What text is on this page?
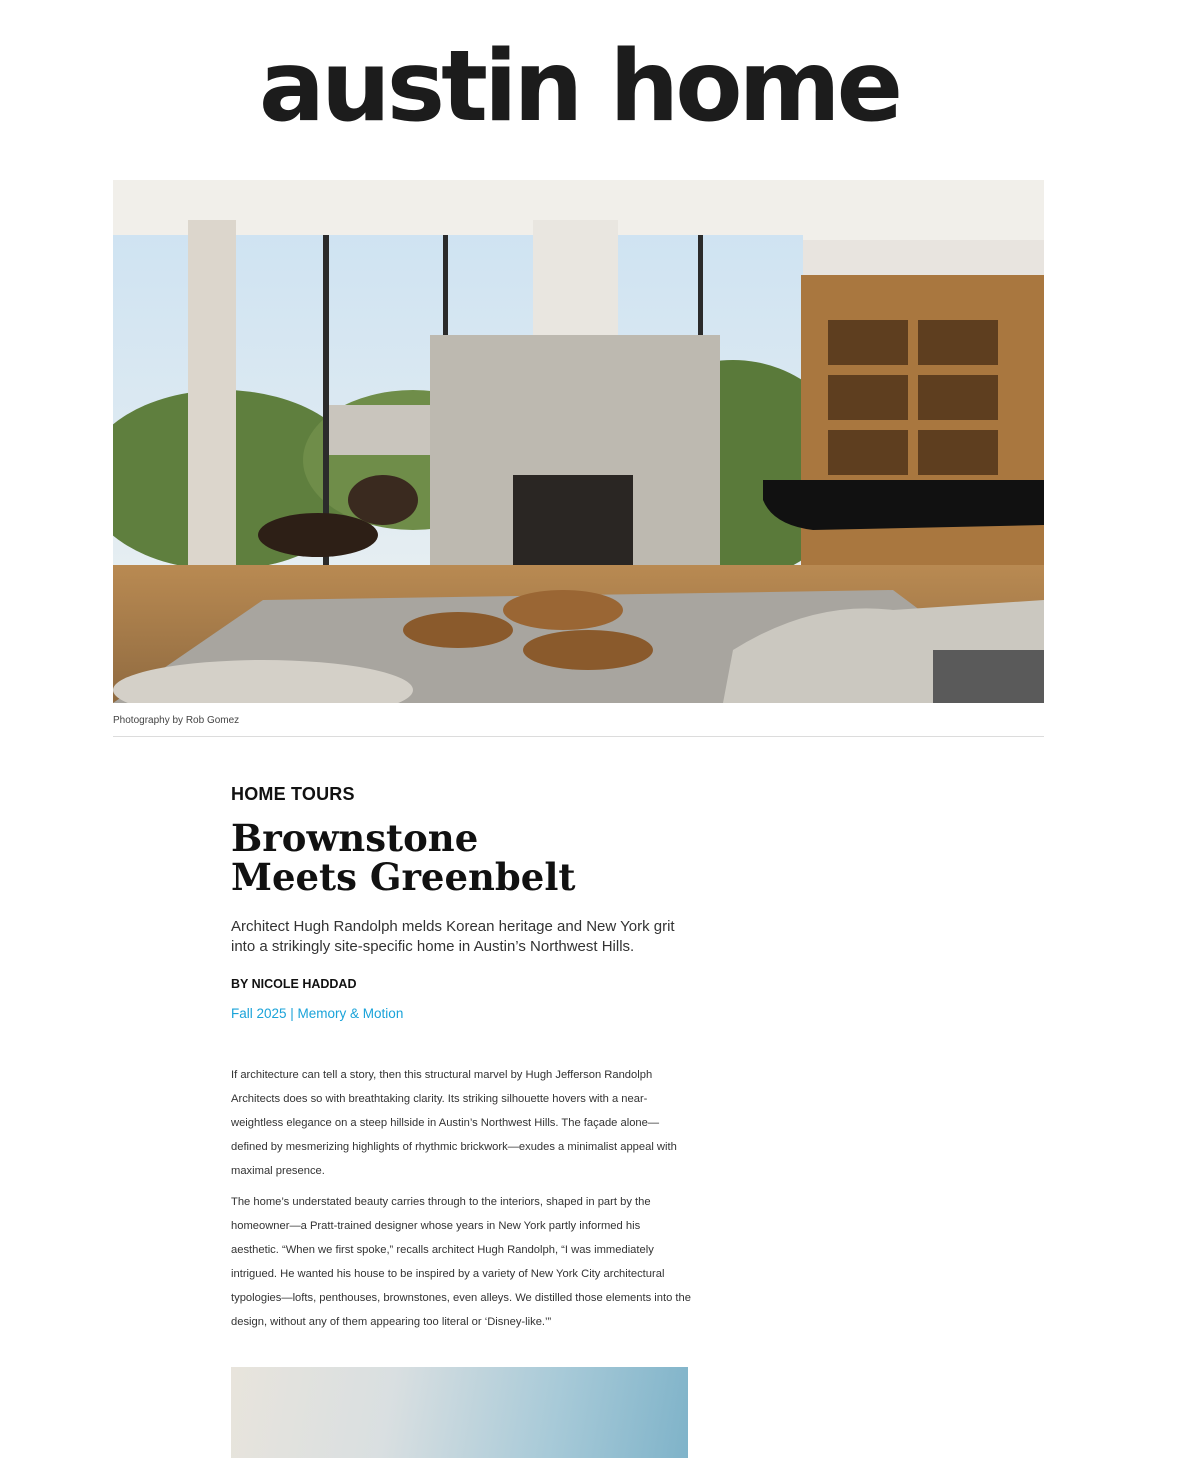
austin home
Photography by Rob Gomez
HOME TOURS
Brownstone Meets Greenbelt

Architect Hugh Randolph melds Korean heritage and New York grit into a strikingly site-specific home in Austin’s Northwest Hills.

BY NICOLE HADDAD
Fall 2025 | Memory & Motion

If architecture can tell a story, then this structural marvel by Hugh Jefferson Randolph Architects does so with breathtaking clarity. Its striking silhouette hovers with a near-weightless elegance on a steep hillside in Austin’s Northwest Hills. The façade alone—defined by mesmerizing highlights of rhythmic brickwork—exudes a minimalist appeal with maximal presence.

The home’s understated beauty carries through to the interiors, shaped in part by the homeowner—a Pratt-trained designer whose years in New York partly informed his aesthetic. “When we first spoke,” recalls architect Hugh Randolph, “I was immediately intrigued. He wanted his house to be inspired by a variety of New York City architectural typologies—lofts, penthouses, brownstones, even alleys. We distilled those elements into the design, without any of them appearing too literal or ‘Disney-like.’”
